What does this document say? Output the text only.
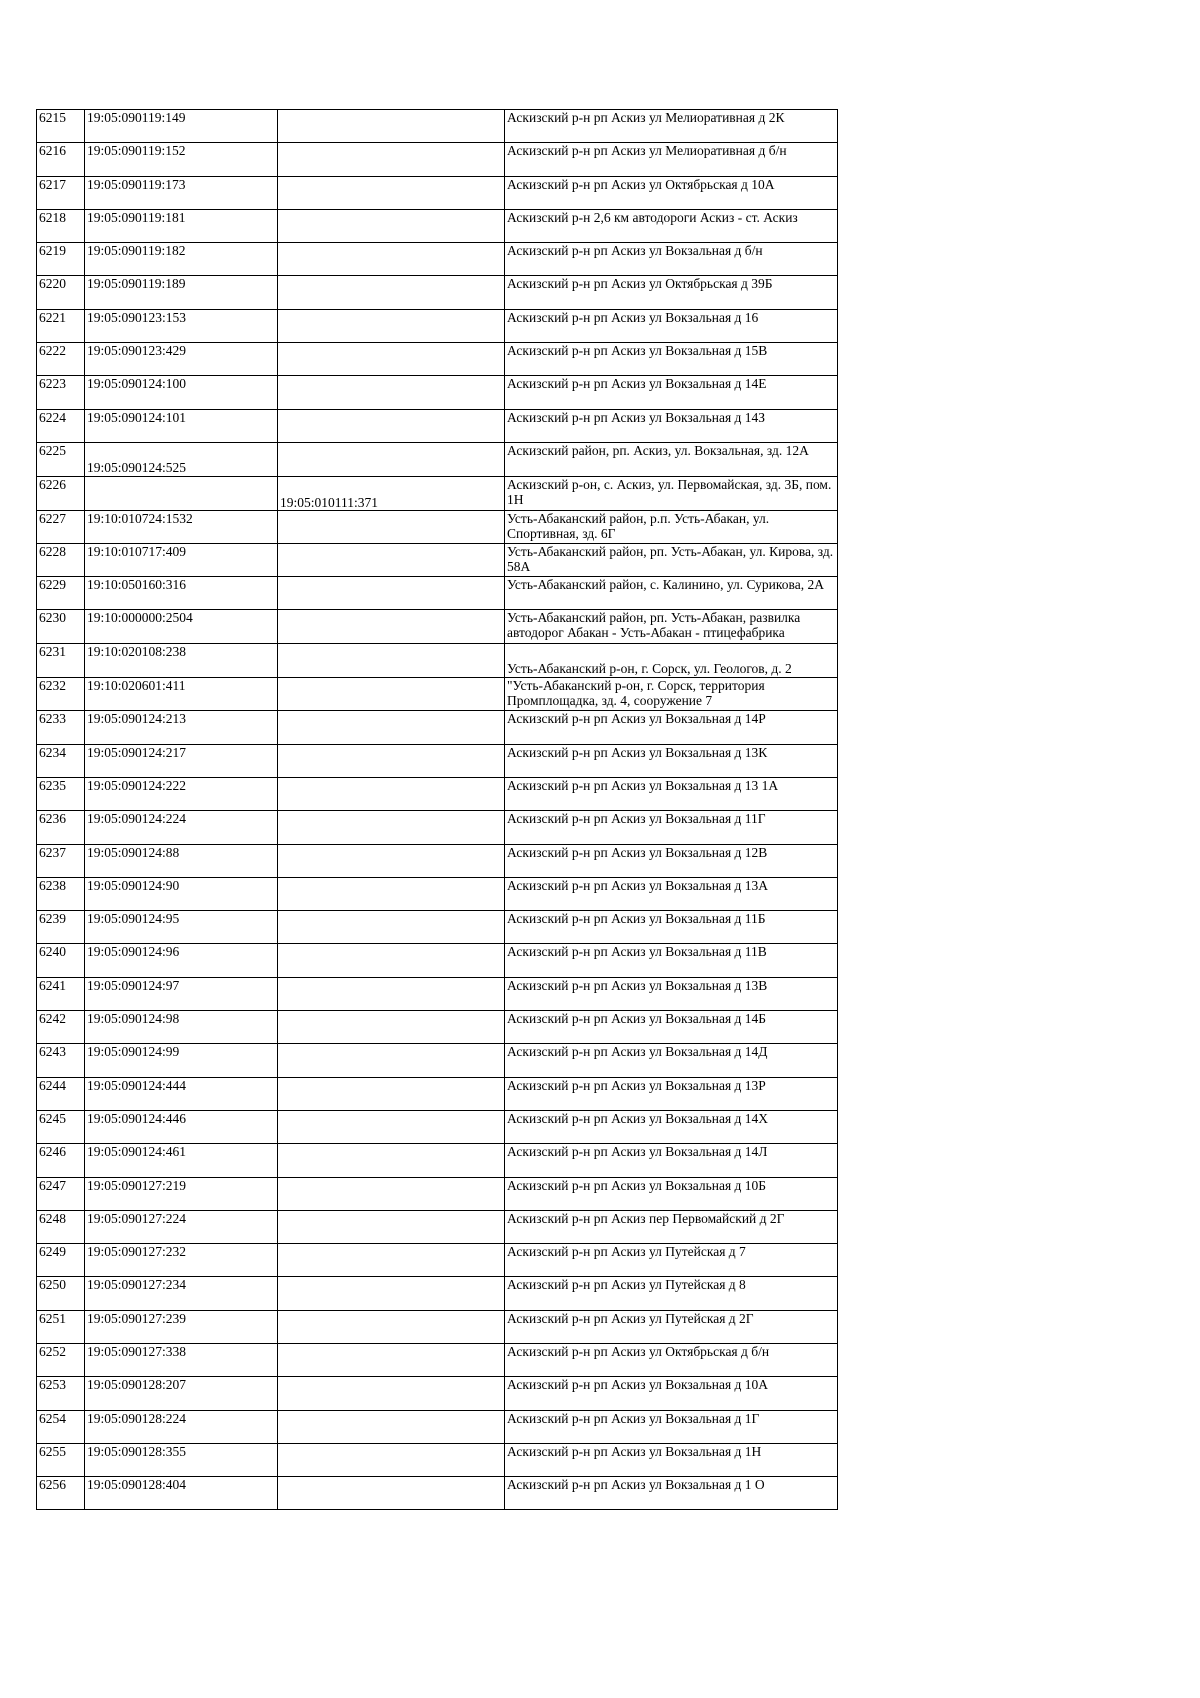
6215	19:05:090119:149		Аскизский р-н рп Аскиз ул Мелиоративная д 2К
6216	19:05:090119:152		Аскизский р-н рп Аскиз ул Мелиоративная д б/н
6217	19:05:090119:173		Аскизский р-н рп Аскиз ул Октябрьская д 10А
6218	19:05:090119:181		Аскизский р-н 2,6 км автодороги Аскиз - ст. Аскиз
6219	19:05:090119:182		Аскизский р-н рп Аскиз ул Вокзальная д б/н
6220	19:05:090119:189		Аскизский р-н рп Аскиз ул Октябрьская д 39Б
6221	19:05:090123:153		Аскизский р-н рп Аскиз ул Вокзальная д 16
6222	19:05:090123:429		Аскизский р-н рп Аскиз ул Вокзальная д 15В
6223	19:05:090124:100		Аскизский р-н рп Аскиз ул Вокзальная д 14Е
6224	19:05:090124:101		Аскизский р-н рп Аскиз ул Вокзальная д 14З
6225	19:05:090124:525		Аскизский район, рп. Аскиз, ул. Вокзальная, зд. 12А
6226		19:05:010111:371	Аскизский р-он, с. Аскиз, ул. Первомайская, зд. 3Б, пом. 1Н
6227	19:10:010724:1532		Усть-Абаканский район, р.п. Усть-Абакан, ул. Спортивная, зд. 6Г
6228	19:10:010717:409		Усть-Абаканский район, рп. Усть-Абакан, ул. Кирова, зд. 58А
6229	19:10:050160:316		Усть-Абаканский район, с. Калинино, ул. Сурикова, 2А
6230	19:10:000000:2504		Усть-Абаканский район, рп. Усть-Абакан, развилка автодорог Абакан - Усть-Абакан - птицефабрика
6231	19:10:020108:238		Усть-Абаканский р-он, г. Сорск, ул. Геологов, д. 2
6232	19:10:020601:411		"Усть-Абаканский р-он, г. Сорск, территория Промплощадка, зд. 4, сооружение 7
6233	19:05:090124:213		Аскизский р-н рп Аскиз ул Вокзальная д 14Р
6234	19:05:090124:217		Аскизский р-н рп Аскиз ул Вокзальная д 13К
6235	19:05:090124:222		Аскизский р-н рп Аскиз ул Вокзальная д 13 1А
6236	19:05:090124:224		Аскизский р-н рп Аскиз ул Вокзальная д 11Г
6237	19:05:090124:88		Аскизский р-н рп Аскиз ул Вокзальная д 12В
6238	19:05:090124:90		Аскизский р-н рп Аскиз ул Вокзальная д 13А
6239	19:05:090124:95		Аскизский р-н рп Аскиз ул Вокзальная д 11Б
6240	19:05:090124:96		Аскизский р-н рп Аскиз ул Вокзальная д 11В
6241	19:05:090124:97		Аскизский р-н рп Аскиз ул Вокзальная д 13В
6242	19:05:090124:98		Аскизский р-н рп Аскиз ул Вокзальная д 14Б
6243	19:05:090124:99		Аскизский р-н рп Аскиз ул Вокзальная д 14Д
6244	19:05:090124:444		Аскизский р-н рп Аскиз ул Вокзальная д 13Р
6245	19:05:090124:446		Аскизский р-н рп Аскиз ул Вокзальная д 14Х
6246	19:05:090124:461		Аскизский р-н рп Аскиз ул Вокзальная д 14Л
6247	19:05:090127:219		Аскизский р-н рп Аскиз ул Вокзальная д 10Б
6248	19:05:090127:224		Аскизский р-н рп Аскиз пер Первомайский д 2Г
6249	19:05:090127:232		Аскизский р-н рп Аскиз ул Путейская д 7
6250	19:05:090127:234		Аскизский р-н рп Аскиз ул Путейская д 8
6251	19:05:090127:239		Аскизский р-н рп Аскиз ул Путейская д 2Г
6252	19:05:090127:338		Аскизский р-н рп Аскиз ул Октябрьская д б/н
6253	19:05:090128:207		Аскизский р-н рп Аскиз ул Вокзальная д 10А
6254	19:05:090128:224		Аскизский р-н рп Аскиз ул Вокзальная д 1Г
6255	19:05:090128:355		Аскизский р-н рп Аскиз ул Вокзальная д 1Н
6256	19:05:090128:404		Аскизский р-н рп Аскиз ул Вокзальная д 1 О
